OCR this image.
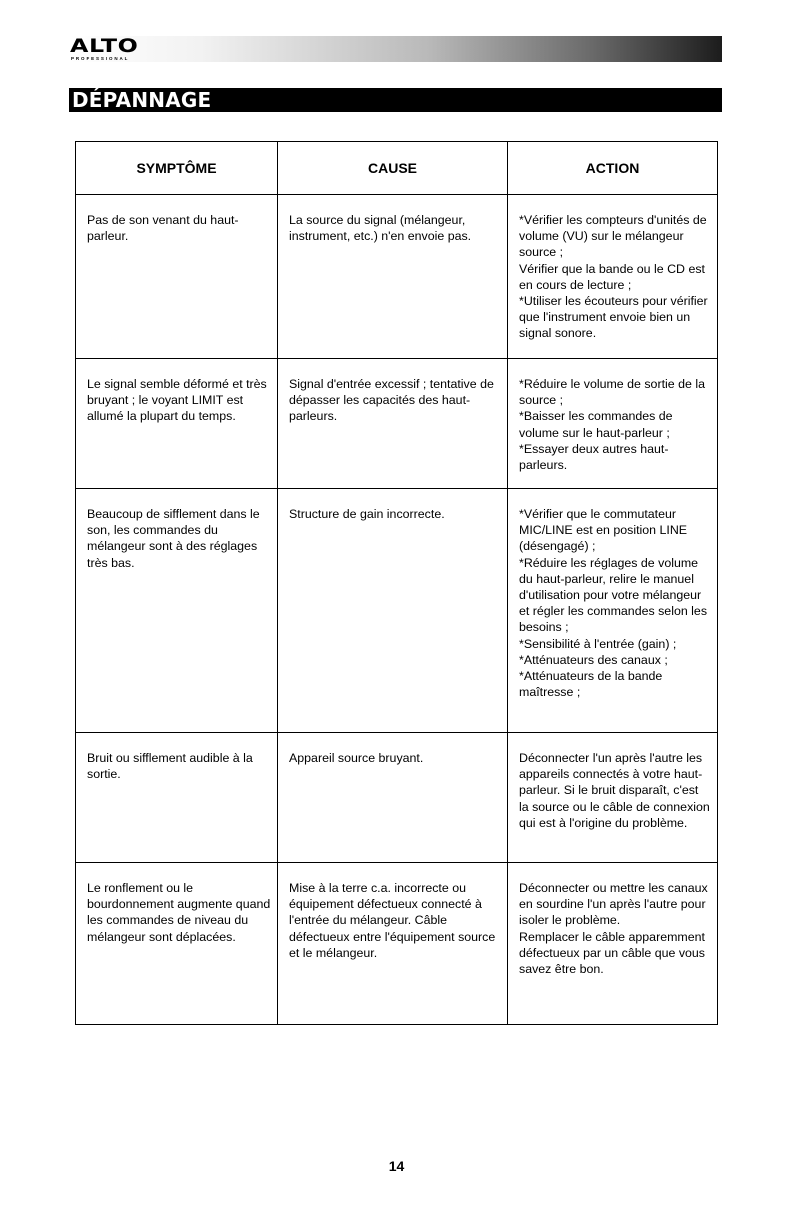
ALTO
PROFESSIONAL
DÉPANNAGE
SYMPTÔME	CAUSE	ACTION
Pas de son venant du haut-parleur.	La source du signal (mélangeur, instrument, etc.) n'en envoie pas.	*Vérifier les compteurs d'unités de volume (VU) sur le mélangeur source ;
Vérifier que la bande ou le CD est en cours de lecture ;
*Utiliser les écouteurs pour vérifier que l'instrument envoie bien un signal sonore.
Le signal semble déformé et très bruyant ; le voyant LIMIT est allumé la plupart du temps.	Signal d'entrée excessif ; tentative de dépasser les capacités des haut-parleurs.	*Réduire le volume de sortie de la source ;
*Baisser les commandes de volume sur le haut-parleur ;
*Essayer deux autres haut-parleurs.
Beaucoup de sifflement dans le son, les commandes du mélangeur sont à des réglages très bas.	Structure de gain incorrecte.	*Vérifier que le commutateur MIC/LINE est en position LINE (désengagé) ;
*Réduire les réglages de volume du haut-parleur, relire le manuel d'utilisation pour votre mélangeur et régler les commandes selon les besoins ;
*Sensibilité à l'entrée (gain) ;
*Atténuateurs des canaux ;
*Atténuateurs de la bande maîtresse ;
Bruit ou sifflement audible à la sortie.	Appareil source bruyant.	Déconnecter l'un après l'autre les appareils connectés à votre haut-parleur. Si le bruit disparaît, c'est la source ou le câble de connexion qui est à l'origine du problème.
Le ronflement ou le bourdonnement augmente quand les commandes de niveau du mélangeur sont déplacées.	Mise à la terre c.a. incorrecte ou équipement défectueux connecté à l'entrée du mélangeur. Câble défectueux entre l'équipement source et le mélangeur.	Déconnecter ou mettre les canaux en sourdine l'un après l'autre pour isoler le problème.
Remplacer le câble apparemment défectueux par un câble que vous savez être bon.
14
